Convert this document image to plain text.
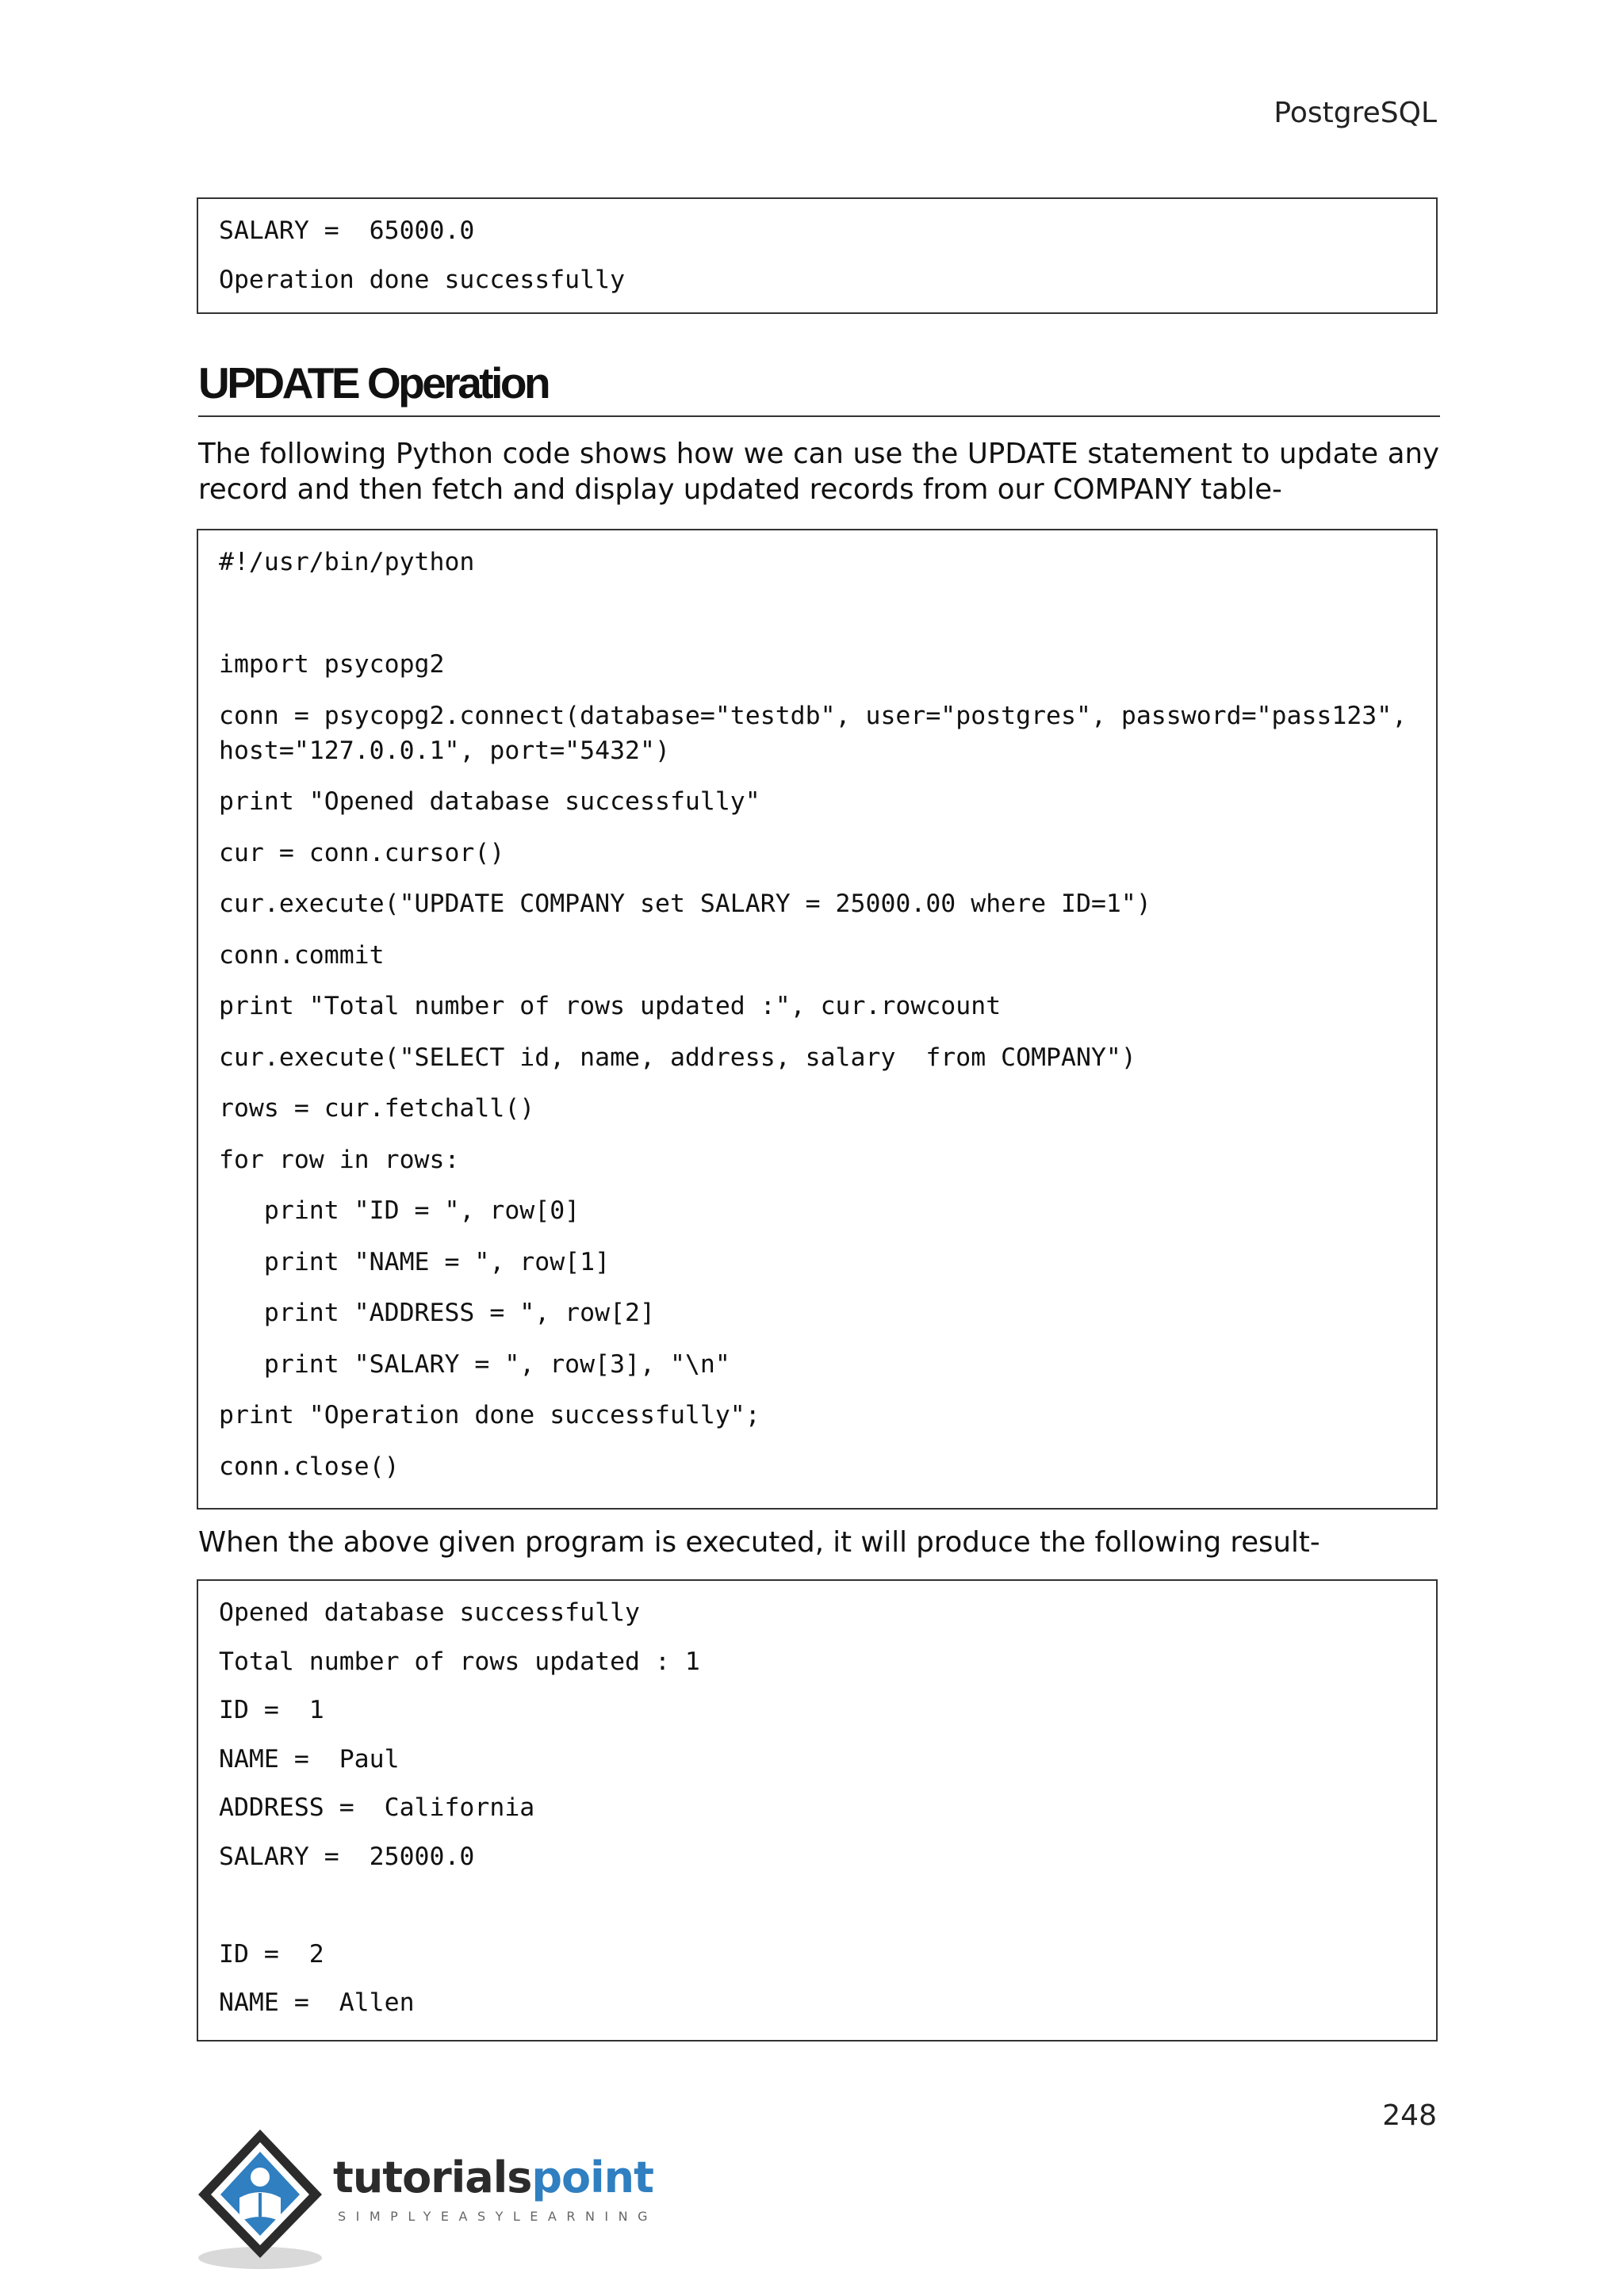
PostgreSQL
SALARY =  65000.0
Operation done successfully
UPDATE Operation

The following Python code shows how we can use the UPDATE statement to update any record and then fetch and display updated records from our COMPANY table-

#!/usr/bin/python
import psycopg2
conn = psycopg2.connect(database="testdb", user="postgres", password="pass123", host="127.0.0.1", port="5432")
print "Opened database successfully"
cur = conn.cursor()
cur.execute("UPDATE COMPANY set SALARY = 25000.00 where ID=1")
conn.commit
print "Total number of rows updated :", cur.rowcount
cur.execute("SELECT id, name, address, salary  from COMPANY")
rows = cur.fetchall()
for row in rows:
print "ID = ", row[0]
print "NAME = ", row[1]
print "ADDRESS = ", row[2]
print "SALARY = ", row[3], "\n"
print "Operation done successfully";
conn.close()

When the above given program is executed, it will produce the following result-

Opened database successfully
Total number of rows updated : 1
ID =  1
NAME =  Paul
ADDRESS =  California
SALARY =  25000.0
ID =  2
NAME =  Allen
248
tutorialspoint
SIMPLYEASYLEARNING
